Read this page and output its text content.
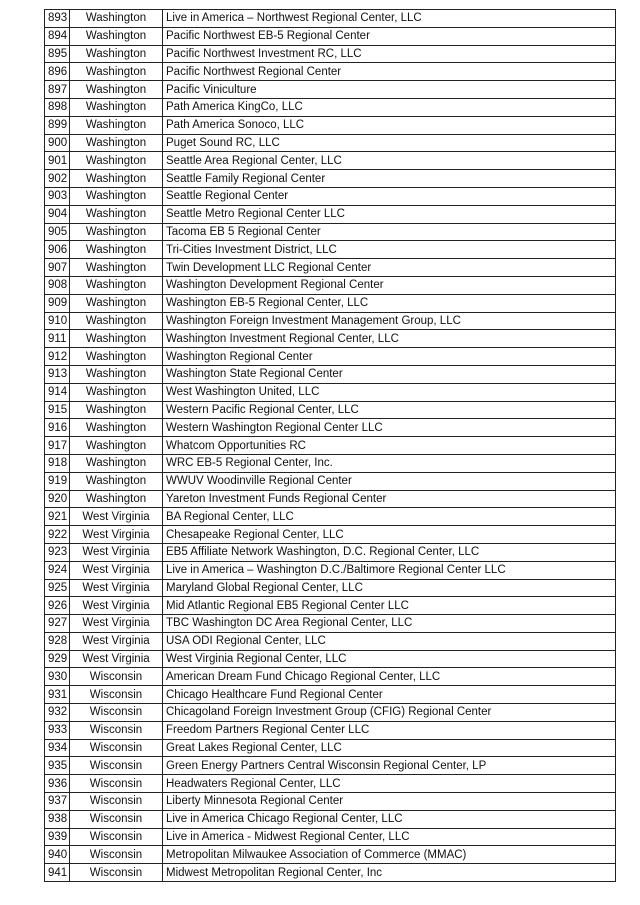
893	Washington	Live in America – Northwest Regional Center, LLC
894	Washington	Pacific Northwest EB-5 Regional Center
895	Washington	Pacific Northwest Investment RC, LLC
896	Washington	Pacific Northwest Regional Center
897	Washington	Pacific Viniculture
898	Washington	Path America KingCo, LLC
899	Washington	Path America Sonoco, LLC
900	Washington	Puget Sound RC, LLC
901	Washington	Seattle Area Regional Center, LLC
902	Washington	Seattle Family Regional Center
903	Washington	Seattle Regional Center
904	Washington	Seattle Metro Regional Center LLC
905	Washington	Tacoma EB 5 Regional Center
906	Washington	Tri-Cities Investment District, LLC
907	Washington	Twin Development LLC Regional Center
908	Washington	Washington Development Regional Center
909	Washington	Washington EB-5 Regional Center, LLC
910	Washington	Washington Foreign Investment Management Group, LLC
911	Washington	Washington Investment Regional Center, LLC
912	Washington	Washington Regional Center
913	Washington	Washington State Regional Center
914	Washington	West Washington United, LLC
915	Washington	Western Pacific Regional Center, LLC
916	Washington	Western Washington Regional Center LLC
917	Washington	Whatcom Opportunities RC
918	Washington	WRC EB-5 Regional Center, Inc.
919	Washington	WWUV Woodinville Regional Center
920	Washington	Yareton Investment Funds Regional Center
921	West Virginia	BA Regional Center, LLC
922	West Virginia	Chesapeake Regional Center, LLC
923	West Virginia	EB5 Affiliate Network Washington, D.C. Regional Center, LLC
924	West Virginia	Live in America – Washington D.C./Baltimore Regional Center LLC
925	West Virginia	Maryland Global Regional Center, LLC
926	West Virginia	Mid Atlantic Regional EB5 Regional Center LLC
927	West Virginia	TBC Washington DC Area Regional Center, LLC
928	West Virginia	USA ODI Regional Center, LLC
929	West Virginia	West Virginia Regional Center, LLC
930	Wisconsin	American Dream Fund Chicago Regional Center, LLC
931	Wisconsin	Chicago Healthcare Fund Regional Center
932	Wisconsin	Chicagoland Foreign Investment Group (CFIG) Regional Center
933	Wisconsin	Freedom Partners Regional Center LLC
934	Wisconsin	Great Lakes Regional Center, LLC
935	Wisconsin	Green Energy Partners Central Wisconsin Regional Center, LP
936	Wisconsin	Headwaters Regional Center, LLC
937	Wisconsin	Liberty Minnesota Regional Center
938	Wisconsin	Live in America Chicago Regional Center, LLC
939	Wisconsin	Live in America - Midwest Regional Center, LLC
940	Wisconsin	Metropolitan Milwaukee Association of Commerce (MMAC)
941	Wisconsin	Midwest Metropolitan Regional Center, Inc
